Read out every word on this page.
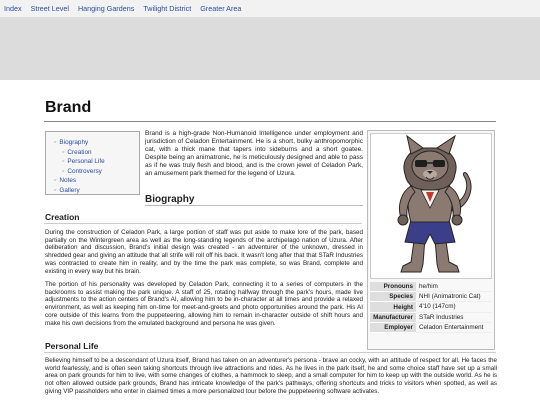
Index Street Level Hanging Gardens Twilight District Greater Area
Brand
○ Biography
○ Creation
○ Personal Life
○ Controversy
○ Notes
○ Gallery

Brand is a high-grade Non-Humanoid Intelligence under employment and jurisdiction of Celadon Entertainment. He is a short, bulky anthropomorphic cat, with a thick mane that tapers into sideburns and a short goatee. Despite being an animatronic, he is meticulously designed and able to pass as if he was truly flesh and blood, and is the crown jewel of Celadon Park, an amusement park themed for the legend of Uzura.

Biography
Pronouns	he/him
Species	NHI (Animatronic Cat)
Height	4'10 (147cm)
Manufacturer	STaR Industries
Employer	Celadon Entertainment
Creation

During the construction of Celadon Park, a large portion of staff was put aside to make lore of the park, based partially on the Wintergreen area as well as the long-standing legends of the archipelago nation of Uzura. After deliberation and discussion, Brand's initial design was created - an adventurer of the unknown, dressed in shredded gear and giving an attitude that all strife will roll off his back. It wasn't long after that that STaR Industries was contracted to create him in reality, and by the time the park was complete, so was Brand, complete and existing in every way but his brain.

The portion of his personality was developed by Celadon Park, connecting it to a series of computers in the backrooms to assist making the park unique. A staff of 25, rotating halfway through the park's hours, made live adjustments to the action centers of Brand's AI, allowing him to be in-character at all times and provide a relaxed environment, as well as keeping him on-time for meet-and-greets and photo opportunities around the park. His AI core outside of this learns from the puppeteering, allowing him to remain in-character outside of shift hours and make his own decisions from the emulated background and persona he was given.

Personal Life

Believing himself to be a descendant of Uzura itself, Brand has taken on an adventurer's persona - brave an cocky, with an attitude of respect for all. He faces the world fearlessly, and is often seen taking shortcuts through live attractions and rides. As he lives in the park itself, he and some choice staff have set up a small area on park grounds for him to live, with some changes of clothes, a hammock to sleep, and a small computer for him to keep up with the outside world. As he is not often allowed outside park grounds, Brand has intricate knowledge of the park's pathways, offering shortcuts and tricks to visitors when spotted, as well as giving VIP passholders who enter in claimed times a more personalized tour before the puppeteering software activates.
